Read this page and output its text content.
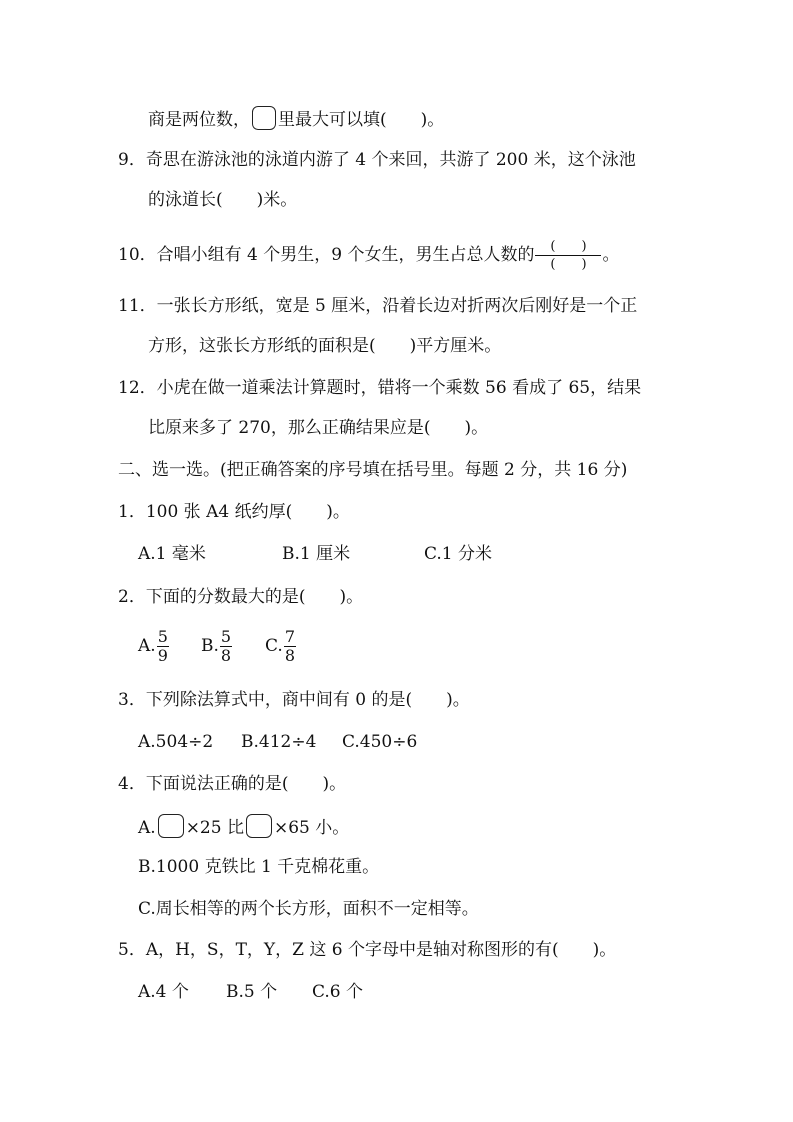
商是两位数， 里最大可以填(　　)。
9．奇思在游泳池的泳道内游了 4 个来回，共游了 200 米，这个泳池
的泳道长(　　)米。
10．合唱小组有 4 个男生，9 个女生，男生占总人数的 $\frac{( )}{( )}$ 。
11．一张长方形纸，宽是 5 厘米，沿着长边对折两次后刚好是一个正
方形，这张长方形纸的面积是(　　)平方厘米。
12．小虎在做一道乘法计算题时，错将一个乘数 56 看成了 65，结果
比原来多了 270，那么正确结果应是(　　)。
二、选一选。(把正确答案的序号填在括号里。每题 2 分，共 16 分)
1．100 张 A4 纸约厚(　　)。
A.1 毫米	B.1 厘米	C.1 分米
2．下面的分数最大的是(　　)。
A. $\frac{5}{9} B$. $\frac{5}{8} C$. $\frac{7}{8}$
3．下列除法算式中，商中间有 0 的是(　　)。
A.504÷2 B.412÷4 C.450÷6
4．下面说法正确的是(　　)。
A. ×25 比 ×65 小。
B.1000 克铁比 1 千克棉花重。
C.周长相等的两个长方形，面积不一定相等。
5．A，H，S，T，Y，Z 这 6 个字母中是轴对称图形的有(　　)。
A.4 个 B.5 个 C.6 个
